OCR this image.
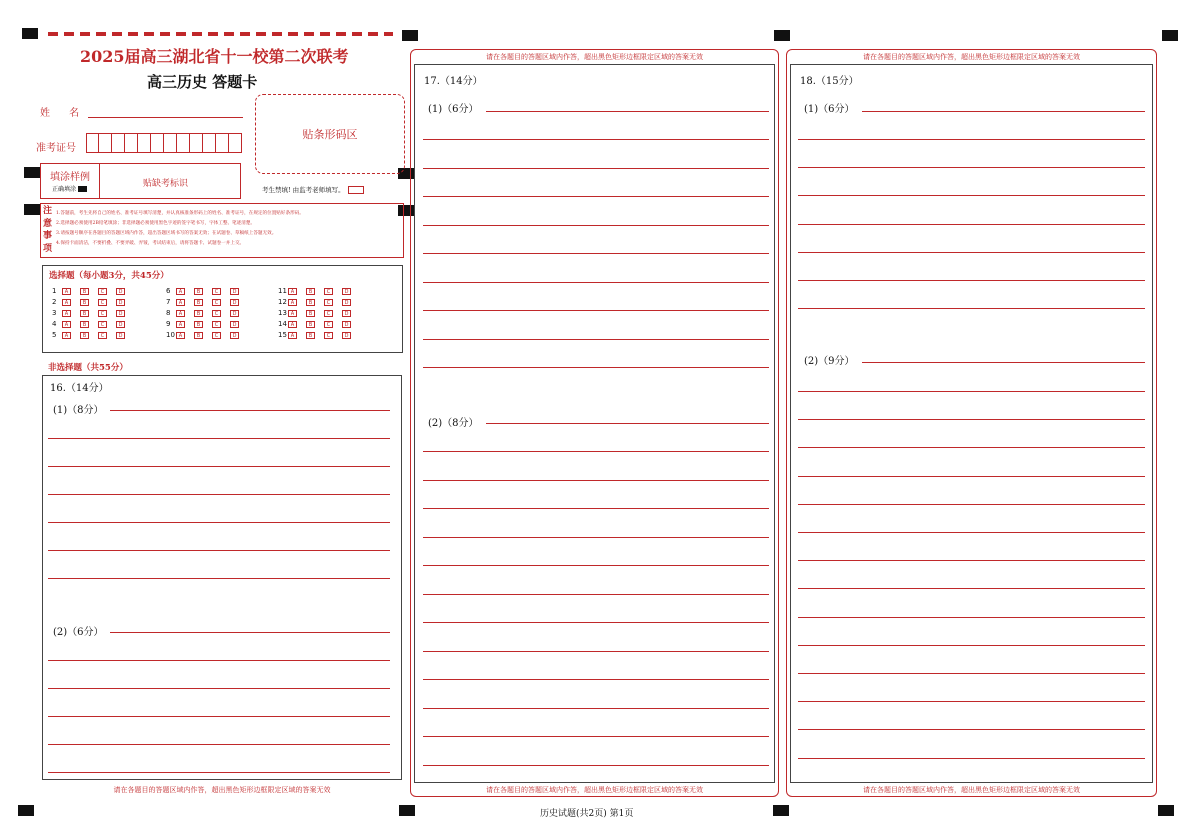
2025届高三湖北省十一校第二次联考
高三历史 答题卡
姓      名
贴条形码区
准考证号
填涂样例
正确填涂
贴缺考标识
考生禁填! 由监考老师填写。
注
意
事
项
1.答题前，考生先将自己的姓名、准考证号填写清楚，并认真核准条形码上的姓名、准考证号，在规定的位置贴好条形码。
2.选择题必须使用2B铅笔填涂；非选择题必须使用黑色字迹的签字笔书写，字体工整、笔迹清楚。
3.请按题号顺序在各题目的答题区域内作答，超出答题区域书写的答案无效；在试题卷、草稿纸上答题无效。
4.保持卡面清洁，不要折叠、不要弄破、弄皱，考试结束后，请将答题卡、试题卷一并上交。
选择题（每小题3分，共45分）
1	A	B	C	D
2	A	B	C	D
3	A	B	C	D
4	A	B	C	D
5	A	B	C	D
6	A	B	C	D
7	A	B	C	D
8	A	B	C	D
9	A	B	C	D
10 A	B	C	D
11 A	B	C	D
12 A	B	C	D
13 A	B	C	D
14 A	B	C	D
15 A	B	C	D
非选择题（共55分）
16.（14分）
(1)（8分）
(2)（6分）
请在各题目的答题区域内作答，超出黑色矩形边框限定区域的答案无效
请在各题目的答题区域内作答，超出黑色矩形边框限定区域的答案无效
17.（14分）
(1)（6分）
(2)（8分）
请在各题目的答题区域内作答，超出黑色矩形边框限定区域的答案无效
请在各题目的答题区域内作答，超出黑色矩形边框限定区域的答案无效
18.（15分）
(1)（6分）
(2)（9分）
请在各题目的答题区域内作答，超出黑色矩形边框限定区域的答案无效
历史试题(共2页) 第1页
